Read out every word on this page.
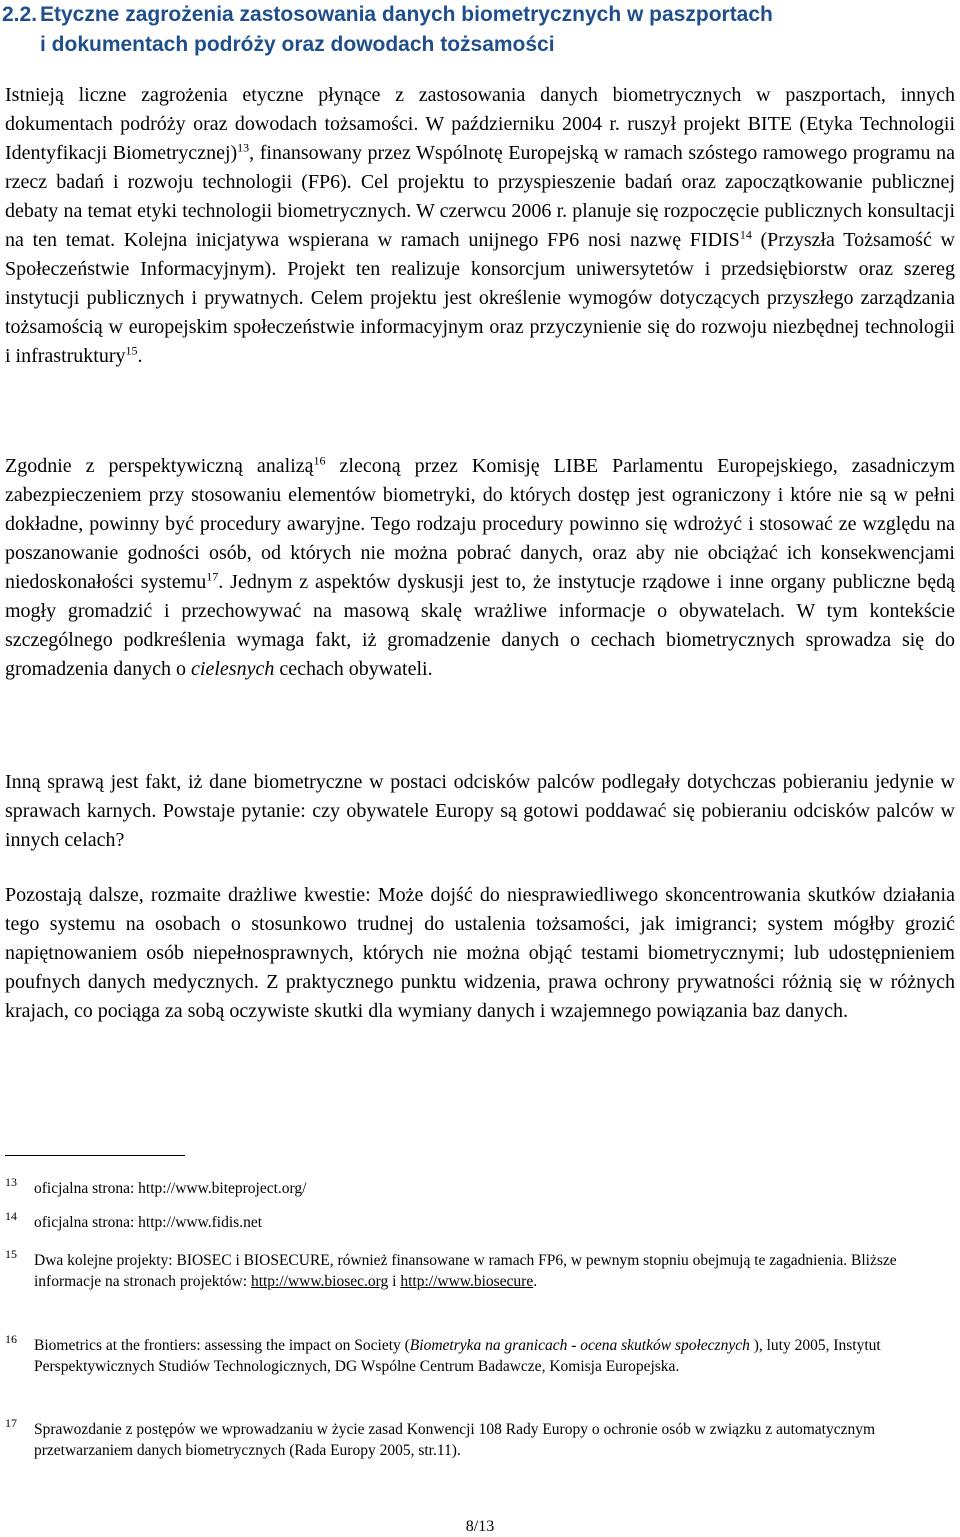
2.2. Etyczne zagrożenia zastosowania danych biometrycznych w paszportach
i dokumentach podróży oraz dowodach tożsamości

Istnieją liczne zagrożenia etyczne płynące z zastosowania danych biometrycznych w paszportach, innych dokumentach podróży oraz dowodach tożsamości. W październiku 2004 r. ruszył projekt BITE (Etyka Technologii Identyfikacji Biometrycznej)$^{13}$, finansowany przez Wspólnotę Europejską w ramach szóstego ramowego programu na rzecz badań i rozwoju technologii (FP6). Cel projektu to przyspieszenie badań oraz zapoczątkowanie publicznej debaty na temat etyki technologii biometrycznych. W czerwcu 2006 r. planuje się rozpoczęcie publicznych konsultacji na ten temat. Kolejna inicjatywa wspierana w ramach unijnego FP6 nosi nazwę FIDIS$^{14}$ (Przyszła Tożsamość w Społeczeństwie Informacyjnym). Projekt ten realizuje konsorcjum uniwersytetów i przedsiębiorstw oraz szereg instytucji publicznych i prywatnych. Celem projektu jest określenie wymogów dotyczących przyszłego zarządzania tożsamością w europejskim społeczeństwie informacyjnym oraz przyczynienie się do rozwoju niezbędnej technologii i infrastruktury$^{15}$.

Zgodnie z perspektywiczną analizą$^{16}$ zleconą przez Komisję LIBE Parlamentu Europejskiego, zasadniczym zabezpieczeniem przy stosowaniu elementów biometryki, do których dostęp jest ograniczony i które nie są w pełni dokładne, powinny być procedury awaryjne. Tego rodzaju procedury powinno się wdrożyć i stosować ze względu na poszanowanie godności osób, od których nie można pobrać danych, oraz aby nie obciążać ich konsekwencjami niedoskonałości systemu$^{17}$. Jednym z aspektów dyskusji jest to, że instytucje rządowe i inne organy publiczne będą mogły gromadzić i przechowywać na masową skalę wrażliwe informacje o obywatelach. W tym kontekście szczególnego podkreślenia wymaga fakt, iż gromadzenie danych o cechach biometrycznych sprowadza się do gromadzenia danych o cielesnych cechach obywateli.

Inną sprawą jest fakt, iż dane biometryczne w postaci odcisków palców podlegały dotychczas pobieraniu jedynie w sprawach karnych. Powstaje pytanie: czy obywatele Europy są gotowi poddawać się pobieraniu odcisków palców w innych celach?

Pozostają dalsze, rozmaite drażliwe kwestie: Może dojść do niesprawiedliwego skoncentrowania skutków działania tego systemu na osobach o stosunkowo trudnej do ustalenia tożsamości, jak imigranci; system mógłby grozić napiętnowaniem osób niepełnosprawnych, których nie można objąć testami biometrycznymi; lub udostępnieniem poufnych danych medycznych. Z praktycznego punktu widzenia, prawa ochrony prywatności różnią się w różnych krajach, co pociąga za sobą oczywiste skutki dla wymiany danych i wzajemnego powiązania baz danych.

13 oficjalna strona: http://www.biteproject.org/
14 oficjalna strona: http://www.fidis.net
15 Dwa kolejne projekty: BIOSEC i BIOSECURE, również finansowane w ramach FP6, w pewnym stopniu obejmują te zagadnienia. Bliższe informacje na stronach projektów: http://www.biosec.org i http://www.biosecure.
16 Biometrics at the frontiers: assessing the impact on Society (Biometryka na granicach - ocena skutków społecznych ), luty 2005, Instytut Perspektywicznych Studiów Technologicznych, DG Wspólne Centrum Badawcze, Komisja Europejska.
17 Sprawozdanie z postępów we wprowadzaniu w życie zasad Konwencji 108 Rady Europy o ochronie osób w związku z automatycznym przetwarzaniem danych biometrycznych (Rada Europy 2005, str.11).
8/13
